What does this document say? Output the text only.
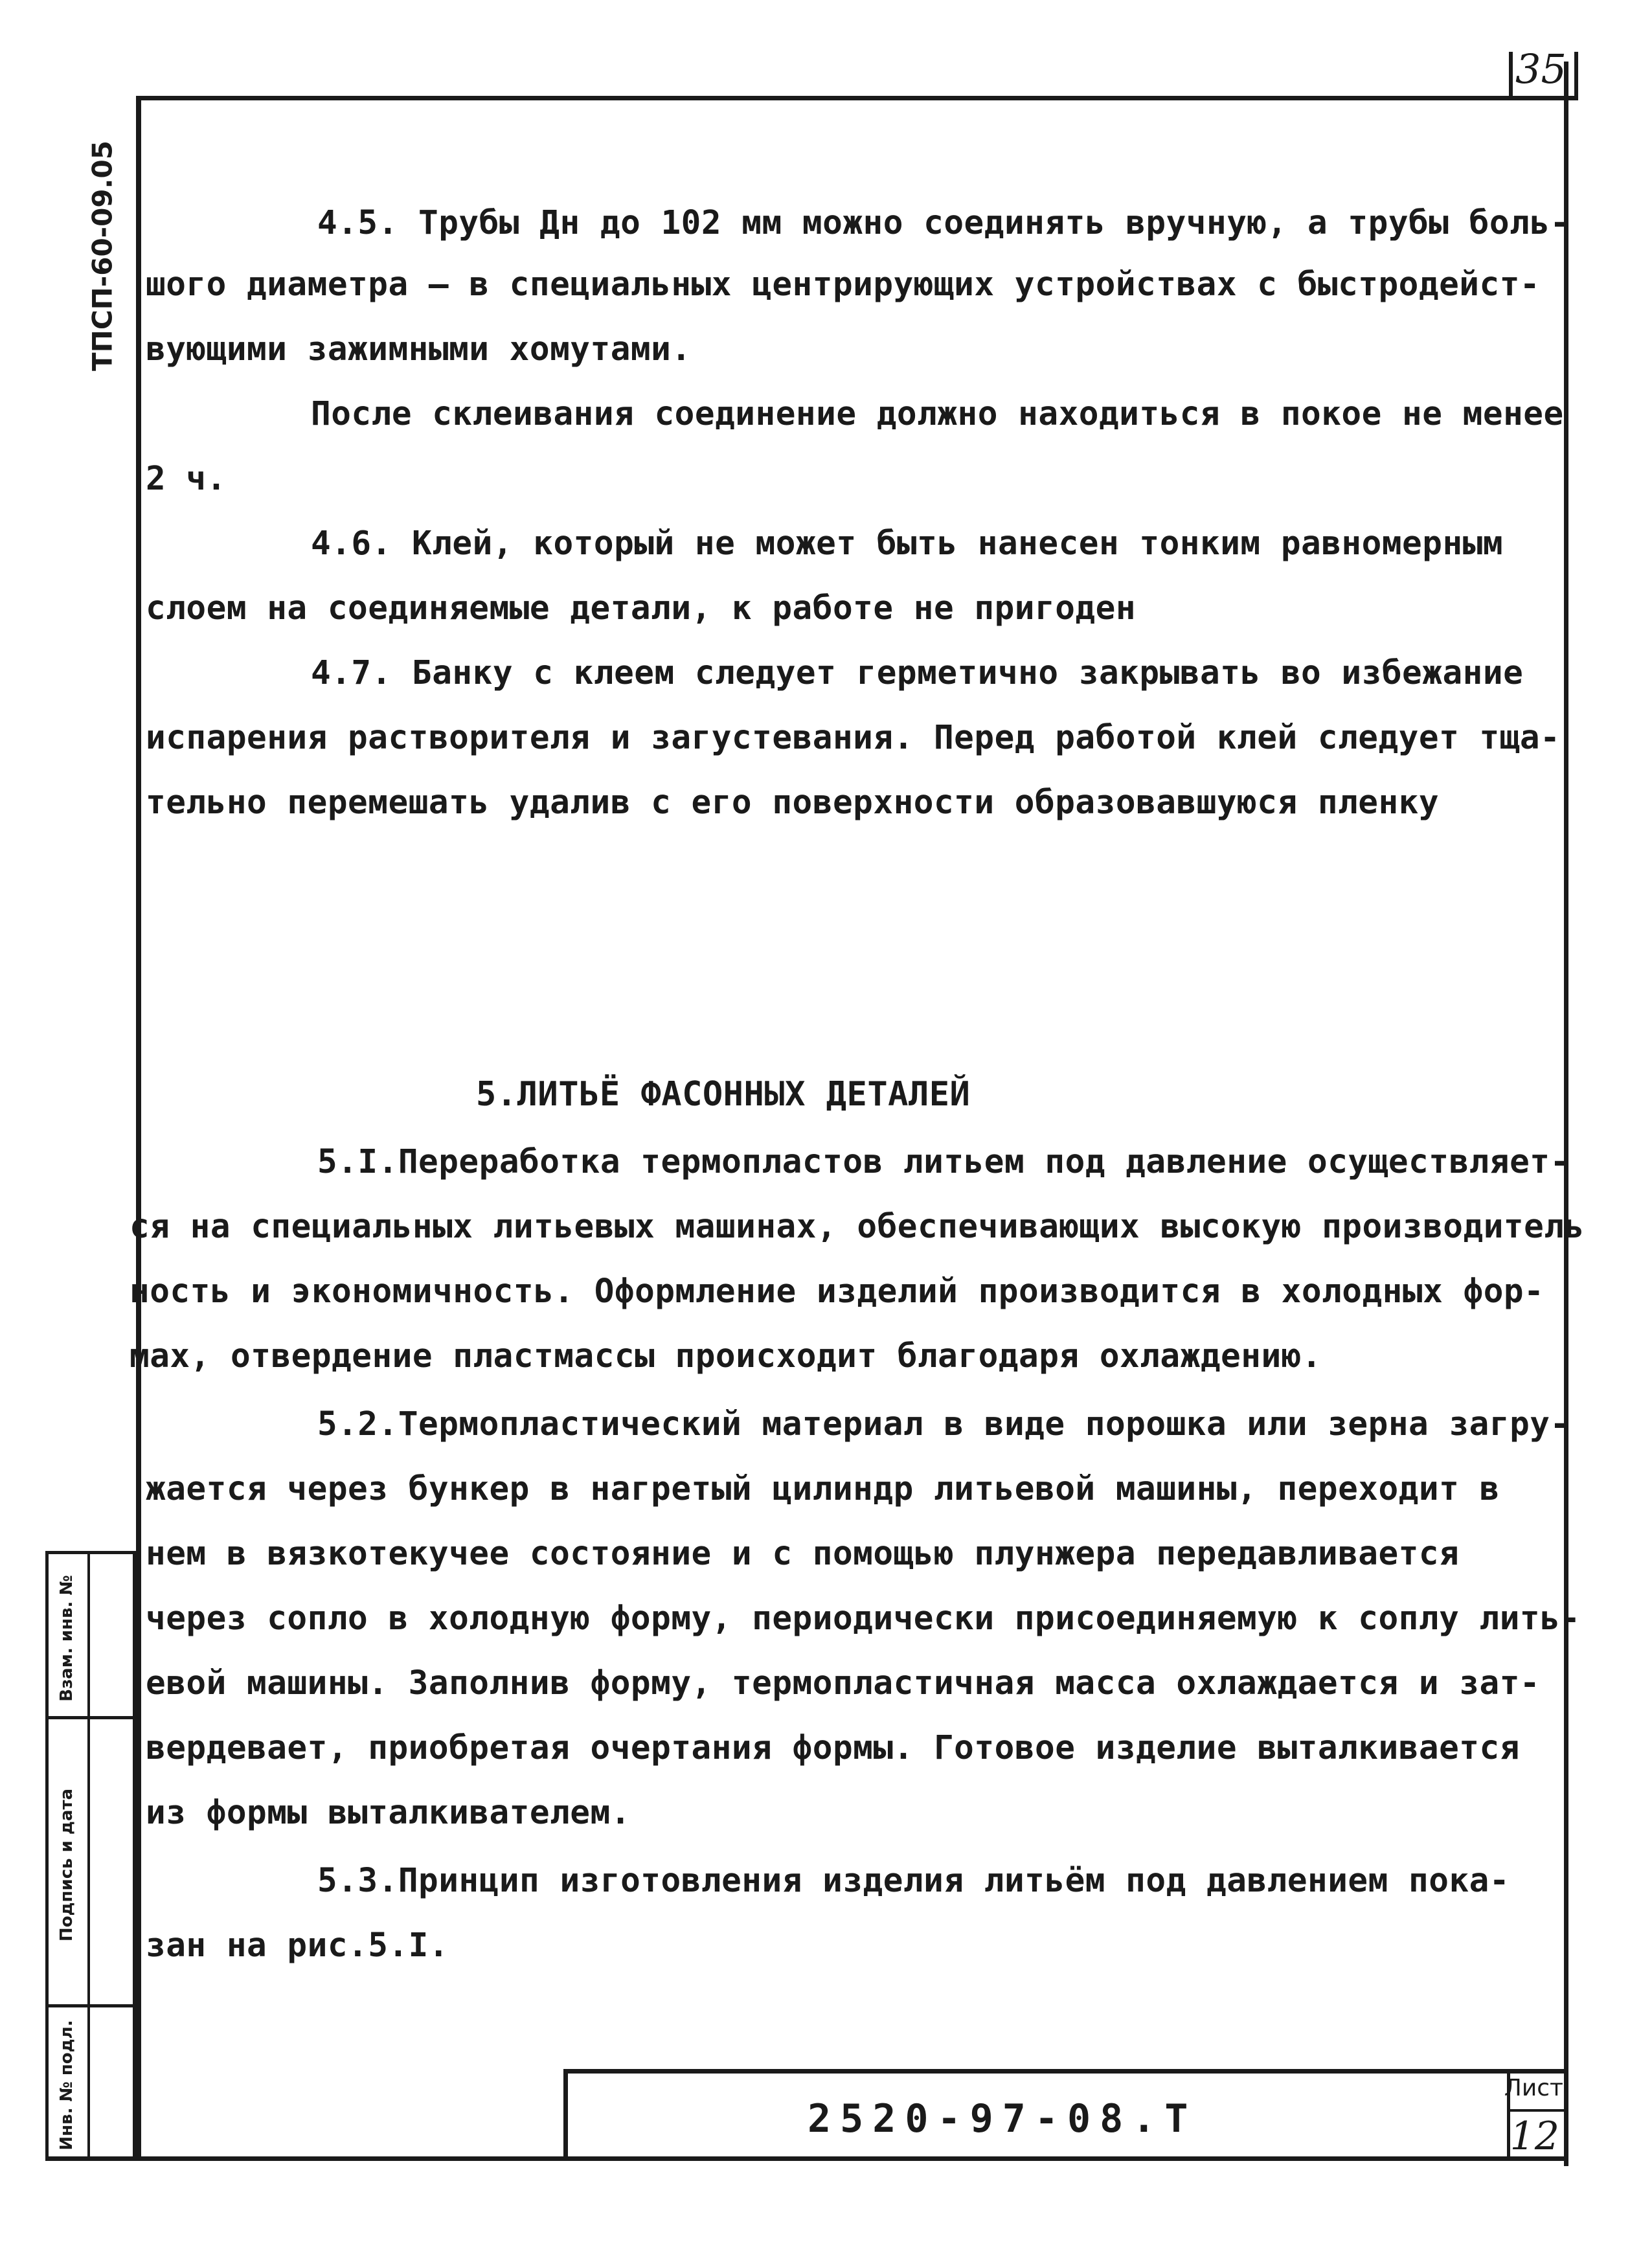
35
ТПСП-60-09.05
Взам. инв. №
Подпись и дата
Инв. № подл.
4.5. Трубы Дн до 102 мм можно соединять вручную, а трубы боль-
шого диаметра – в специальных центрирующих устройствах с быстродейст-
вующими зажимными хомутами.
После склеивания соединение должно находиться в покое не менее
2 ч.
4.6. Клей, который не может быть нанесен тонким равномерным
слоем на соединяемые детали, к работе не пригоден
4.7. Банку с клеем следует герметично закрывать во избежание
испарения растворителя и загустевания. Перед работой клей следует тща-
тельно перемешать удалив с его поверхности образовавшуюся пленку
5.ЛИТЬЁ ФАСОННЫХ ДЕТАЛЕЙ
5.I.Переработка термопластов литьем под давление осуществляет-
ся на специальных литьевых машинах, обеспечивающих высокую производитель
ность и экономичность. Оформление изделий производится в холодных фор-
мах, отвердение пластмассы происходит благодаря охлаждению.
5.2.Термопластический материал в виде порошка или зерна загру-
жается через бункер в нагретый цилиндр литьевой машины, переходит в
нем в вязкотекучее состояние и с помощью плунжера передавливается
через сопло в холодную форму, периодически присоединяемую к соплу лить-
евой машины. Заполнив форму, термопластичная масса охлаждается и зат-
вердевает, приобретая очертания формы. Готовое изделие выталкивается
из формы выталкивателем.
5.3.Принцип изготовления изделия литьём под давлением пока-
зан на рис.5.I.
2520-97-08.Т
Лист
12
